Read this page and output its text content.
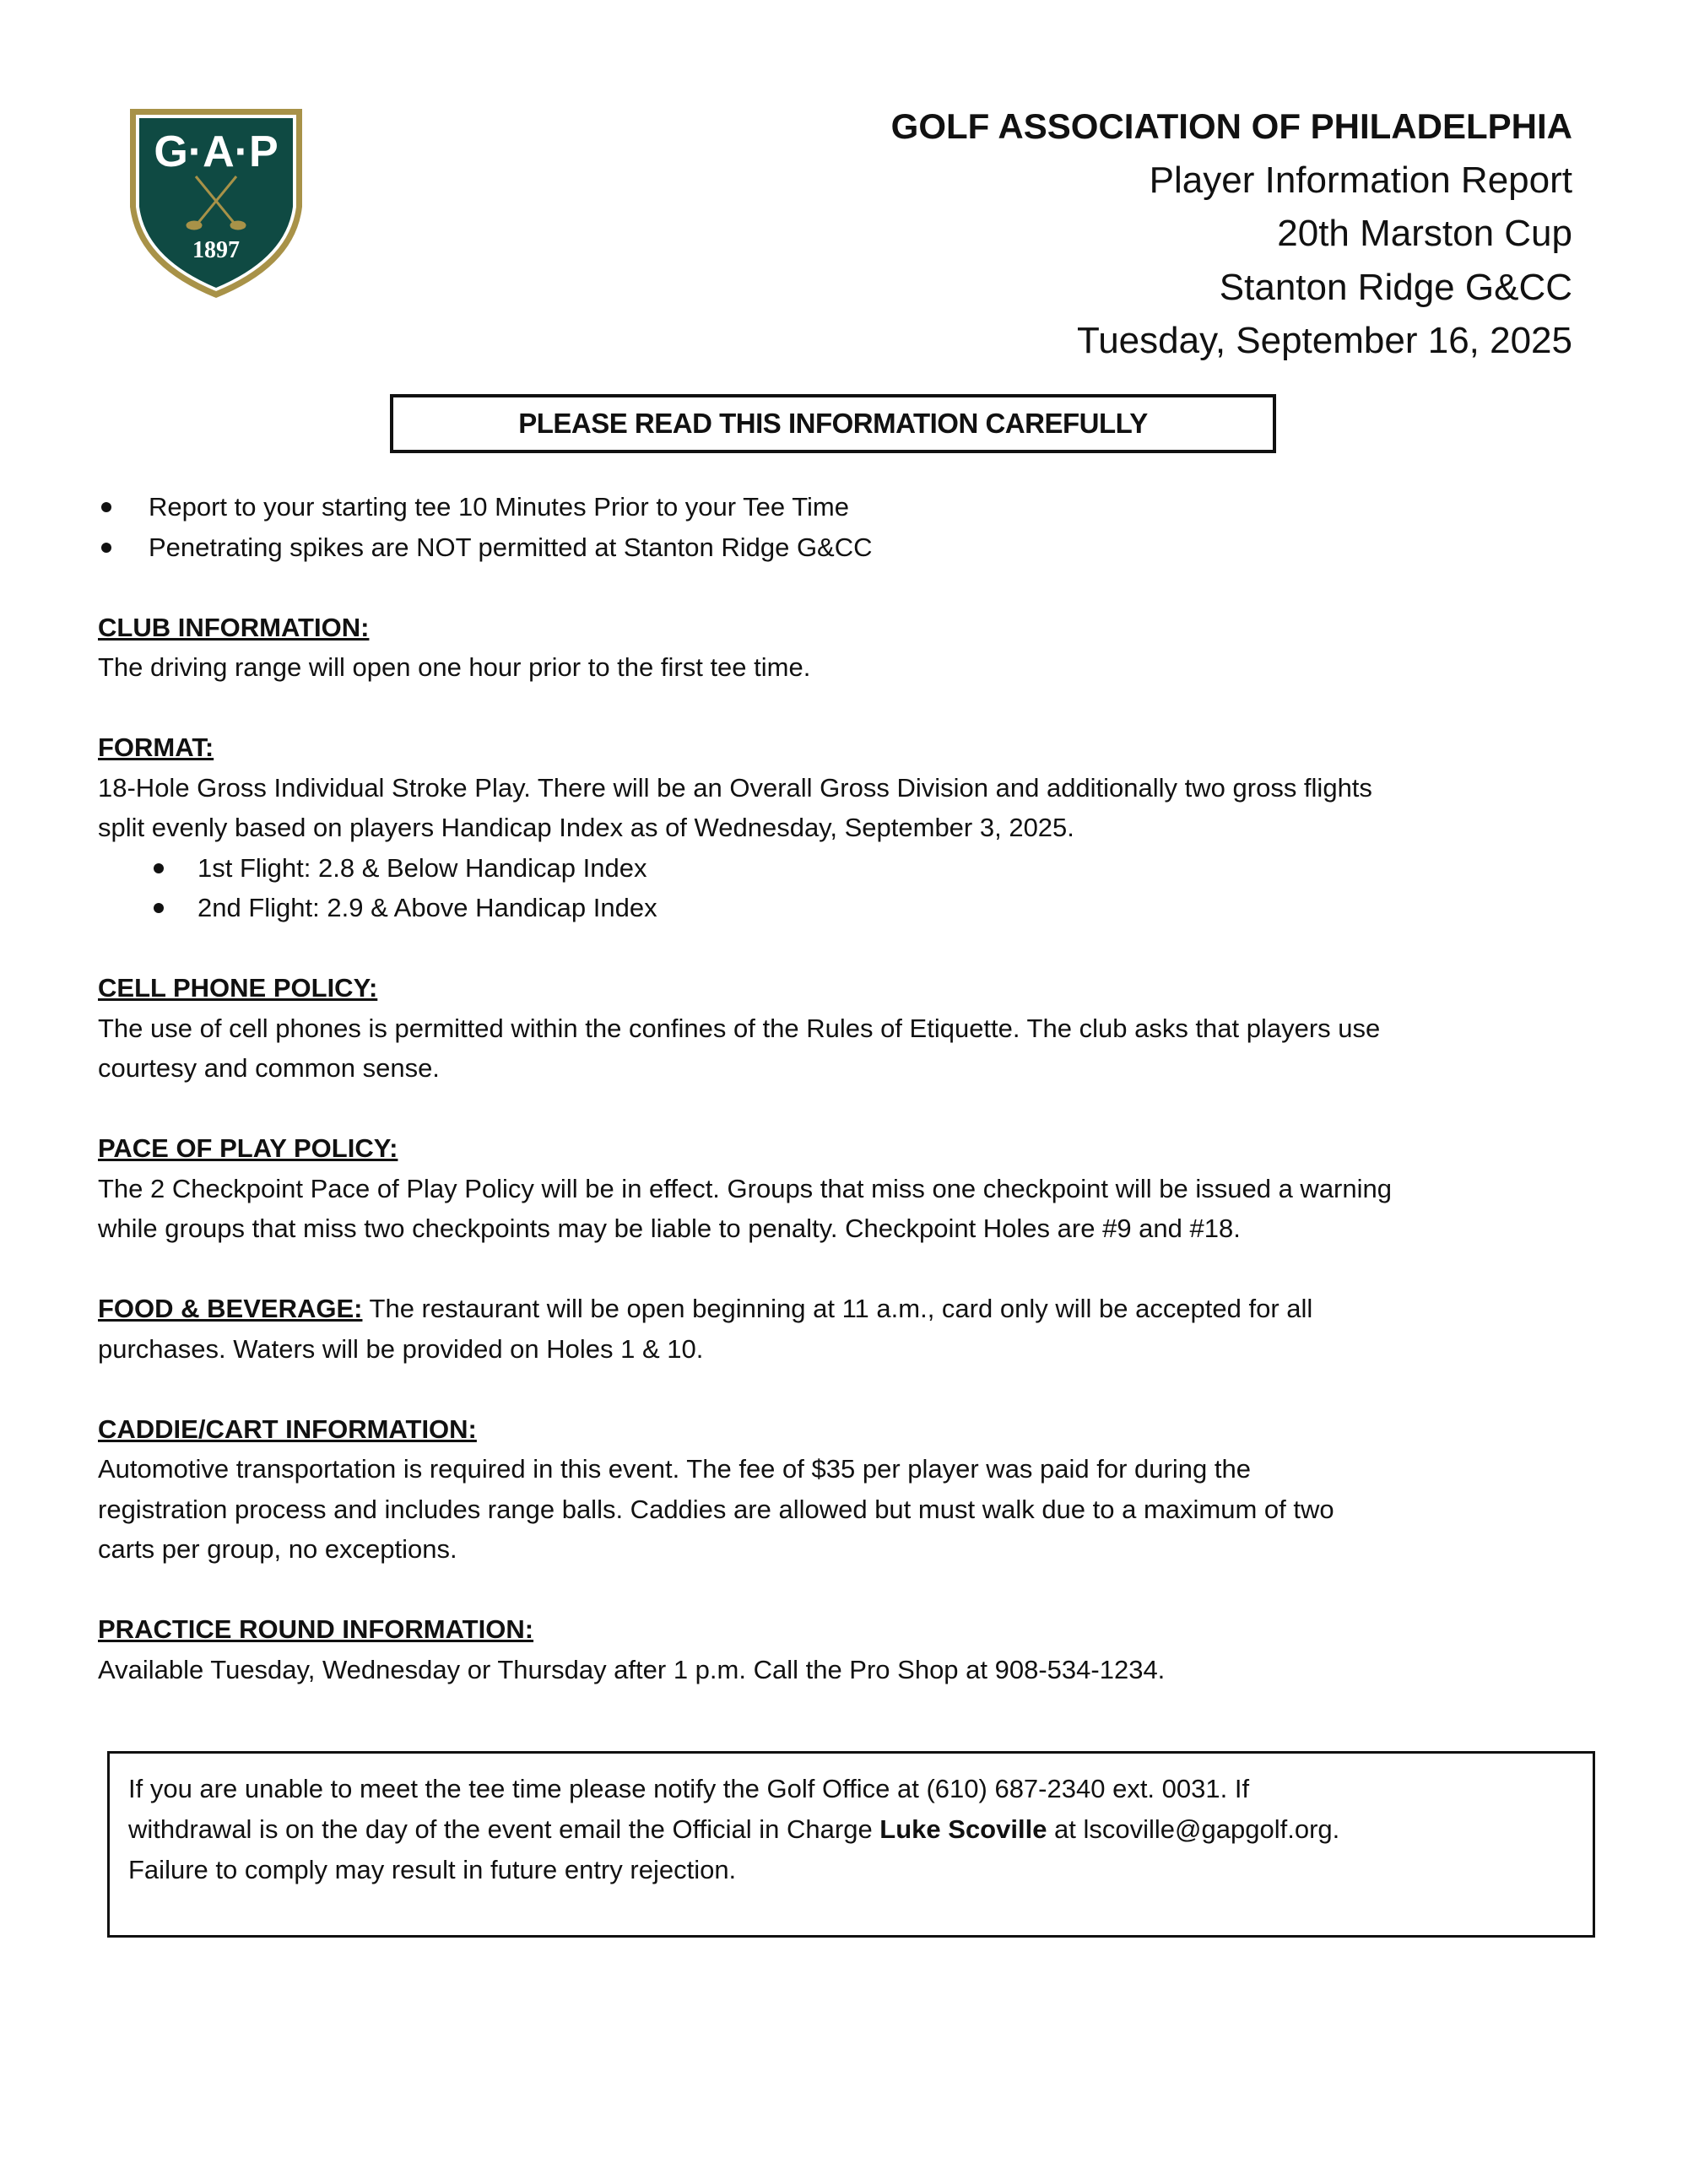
G·A·P
1897
GOLF ASSOCIATION OF PHILADELPHIA
Player Information Report
20th Marston Cup
Stanton Ridge G&CC
Tuesday, September 16, 2025
PLEASE READ THIS INFORMATION CAREFULLY
Report to your starting tee 10 Minutes Prior to your Tee Time
Penetrating spikes are NOT permitted at Stanton Ridge G&CC
CLUB INFORMATION:
The driving range will open one hour prior to the first tee time.
FORMAT:
18-Hole Gross Individual Stroke Play. There will be an Overall Gross Division and additionally two gross flights
split evenly based on players Handicap Index as of Wednesday, September 3, 2025.
1st Flight: 2.8 & Below Handicap Index
2nd Flight: 2.9 & Above Handicap Index
CELL PHONE POLICY:
The use of cell phones is permitted within the confines of the Rules of Etiquette. The club asks that players use
courtesy and common sense.
PACE OF PLAY POLICY:
The 2 Checkpoint Pace of Play Policy will be in effect. Groups that miss one checkpoint will be issued a warning
while groups that miss two checkpoints may be liable to penalty. Checkpoint Holes are #9 and #18.
FOOD & BEVERAGE: The restaurant will be open beginning at 11 a.m., card only will be accepted for all
purchases. Waters will be provided on Holes 1 & 10.
CADDIE/CART INFORMATION:
Automotive transportation is required in this event. The fee of $35 per player was paid for during the
registration process and includes range balls. Caddies are allowed but must walk due to a maximum of two
carts per group, no exceptions.
PRACTICE ROUND INFORMATION:
Available Tuesday, Wednesday or Thursday after 1 p.m. Call the Pro Shop at 908-534-1234.
If you are unable to meet the tee time please notify the Golf Office at (610) 687-2340 ext. 0031. If
withdrawal is on the day of the event email the Official in Charge Luke Scoville at lscoville@gapgolf.org.
Failure to comply may result in future entry rejection.
